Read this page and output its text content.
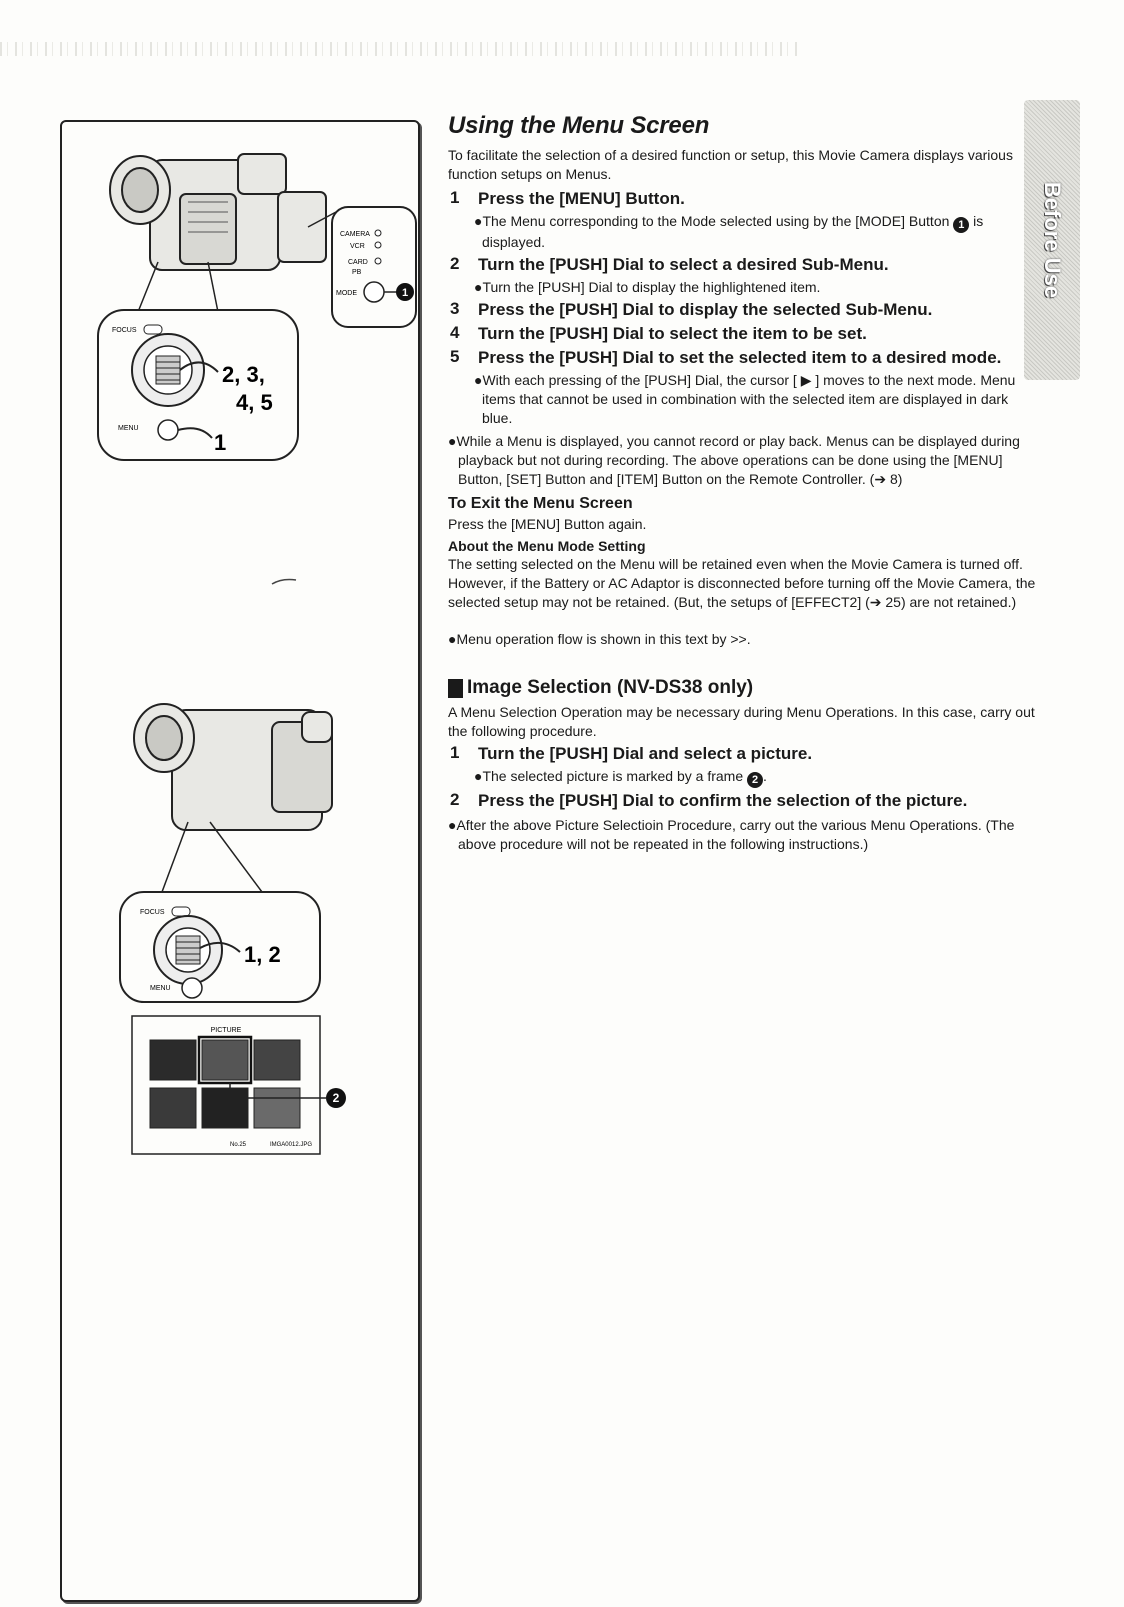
CAMERA
VCR
CARD
PB
MODE	1
FOCUS
2, 3,
4, 5
MENU
1
FOCUS
1, 2
MENU
PICTURE
2
No.25	IMGA0012.JPG
Before Use
Using the Menu Screen

To facilitate the selection of a desired function or setup, this Movie Camera displays various function setups on Menus.

1 Press the [MENU] Button.

●The Menu corresponding to the Mode selected using by the [MODE] Button 1 is displayed.

2 Turn the [PUSH] Dial to select a desired Sub-Menu.

●Turn the [PUSH] Dial to display the highlightened item.

3 Press the [PUSH] Dial to display the selected Sub-Menu.
4 Turn the [PUSH] Dial to select the item to be set.
5 Press the [PUSH] Dial to set the selected item to a desired mode.

●With each pressing of the [PUSH] Dial, the cursor [ ▶ ] moves to the next mode. Menu items that cannot be used in combination with the selected item are displayed in dark blue.

●While a Menu is displayed, you cannot record or play back. Menus can be displayed during playback but not during recording. The above operations can be done using the [MENU] Button, [SET] Button and [ITEM] Button on the Remote Controller. (➔ 8)

To Exit the Menu Screen

Press the [MENU] Button again.

About the Menu Mode Setting

The setting selected on the Menu will be retained even when the Movie Camera is turned off. However, if the Battery or AC Adaptor is disconnected before turning off the Movie Camera, the selected setup may not be retained. (But, the setups of [EFFECT2] (➔ 25) are not retained.)

●Menu operation flow is shown in this text by >>.

Image Selection (NV-DS38 only)

A Menu Selection Operation may be necessary during Menu Operations. In this case, carry out the following procedure.

1 Turn the [PUSH] Dial and select a picture.

●The selected picture is marked by a frame 2 .

2 Press the [PUSH] Dial to confirm the selection of the picture.

●After the above Picture Selectioin Procedure, carry out the various Menu Operations. (The above procedure will not be repeated in the following instructions.)
